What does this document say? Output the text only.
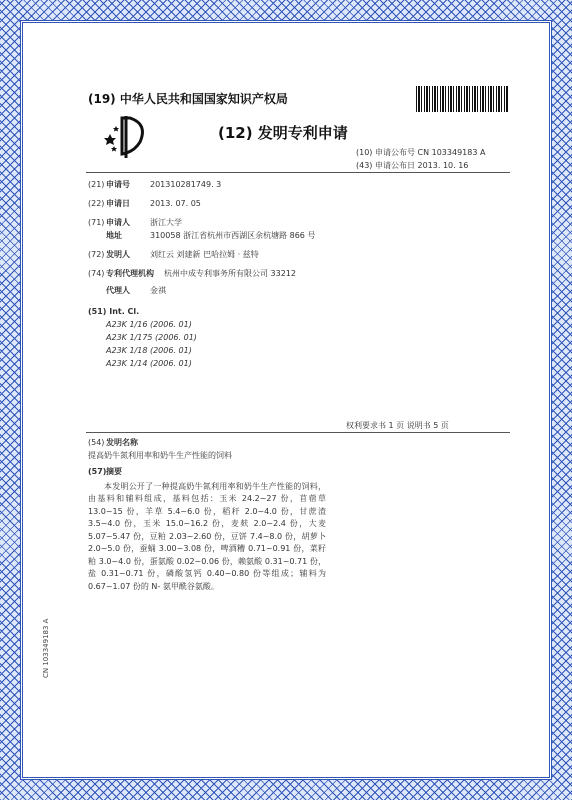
(19) 中华人民共和国国家知识产权局
(12) 发明专利申请
(10) 申请公布号 CN 103349183 A
(43) 申请公布日 2013. 10. 16
(21) 申请号	201310281749. 3
(22) 申请日	2013. 07. 05
(71) 申请人	浙江大学
地址	310058 浙江省杭州市西湖区余杭塘路 866 号
(72) 发明人	刘红云 刘建新 巴哈拉姆 · 兹特
(74) 专利代理机构	杭州中成专利事务所有限公司 33212
代理人	金祺
(51) Int. Cl.
A23K 1/16 (2006. 01)
A23K 1/175 (2006. 01)
A23K 1/18 (2006. 01)
A23K 1/14 (2006. 01)
权利要求书 1 页 说明书 5 页
(54) 发明名称
提高奶牛氮利用率和奶牛生产性能的饲料
(57) 摘要
本发明公开了一种提高奶牛氮利用率和奶牛生产性能的饲料，由基料和辅料组成，基料包括：玉米 24.2~27 份，苜蓿草 13.0~15 份，羊草 5.4~6.0 份，稻秆 2.0~4.0 份，甘蔗渣 3.5~4.0 份，玉米 15.0~16.2 份，麦麸 2.0~2.4 份，大麦 5.07~5.47 份，豆粕 2.03~2.60 份，豆饼 7.4~8.0 份，胡萝卜 2.0~5.0 份，蚕蛹 3.00~3.08 份，啤酒糟 0.71~0.91 份，菜籽粕 3.0~4.0 份，蛋氨酸 0.02~0.06 份，赖氨酸 0.31~0.71 份，盐 0.31~0.71 份，磷酸氢钙 0.40~0.80 份等组成；辅料为 0.67~1.07 份的 N- 氨甲酰谷氨酸。
CN 103349183 A
